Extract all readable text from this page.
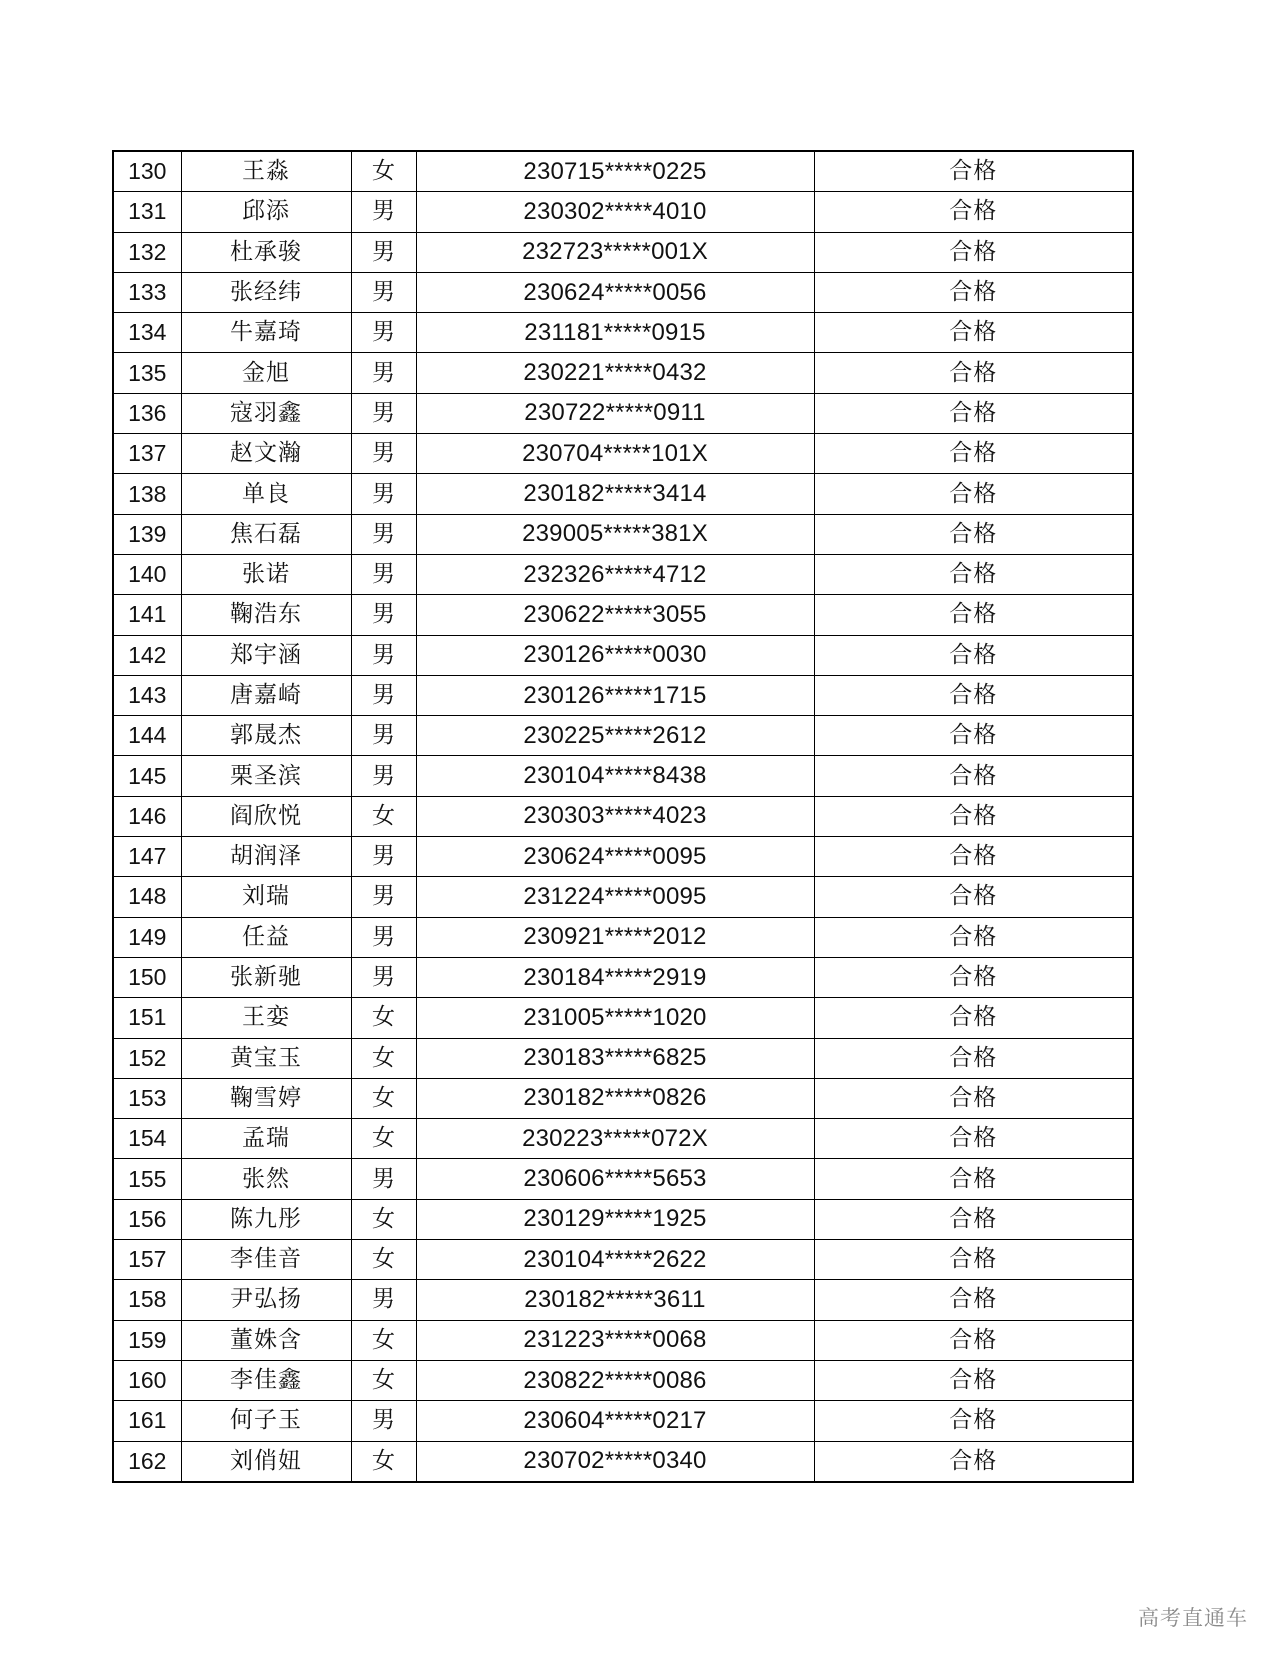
130	王淼	女	230715*****0225	合格
131	邱添	男	230302*****4010	合格
132	杜承骏	男	232723*****001X	合格
133	张经纬	男	230624*****0056	合格
134	牛嘉琦	男	231181*****0915	合格
135	金旭	男	230221*****0432	合格
136	寇羽鑫	男	230722*****0911	合格
137	赵文瀚	男	230704*****101X	合格
138	单良	男	230182*****3414	合格
139	焦石磊	男	239005*****381X	合格
140	张诺	男	232326*****4712	合格
141	鞠浩东	男	230622*****3055	合格
142	郑宇涵	男	230126*****0030	合格
143	唐嘉崎	男	230126*****1715	合格
144	郭晟杰	男	230225*****2612	合格
145	栗圣滨	男	230104*****8438	合格
146	阎欣悦	女	230303*****4023	合格
147	胡润泽	男	230624*****0095	合格
148	刘瑞	男	231224*****0095	合格
149	任益	男	230921*****2012	合格
150	张新驰	男	230184*****2919	合格
151	王娈	女	231005*****1020	合格
152	黄宝玉	女	230183*****6825	合格
153	鞠雪婷	女	230182*****0826	合格
154	孟瑞	女	230223*****072X	合格
155	张然	男	230606*****5653	合格
156	陈九彤	女	230129*****1925	合格
157	李佳音	女	230104*****2622	合格
158	尹弘扬	男	230182*****3611	合格
159	董姝含	女	231223*****0068	合格
160	李佳鑫	女	230822*****0086	合格
161	何子玉	男	230604*****0217	合格
162	刘俏妞	女	230702*****0340	合格
高考直通车
